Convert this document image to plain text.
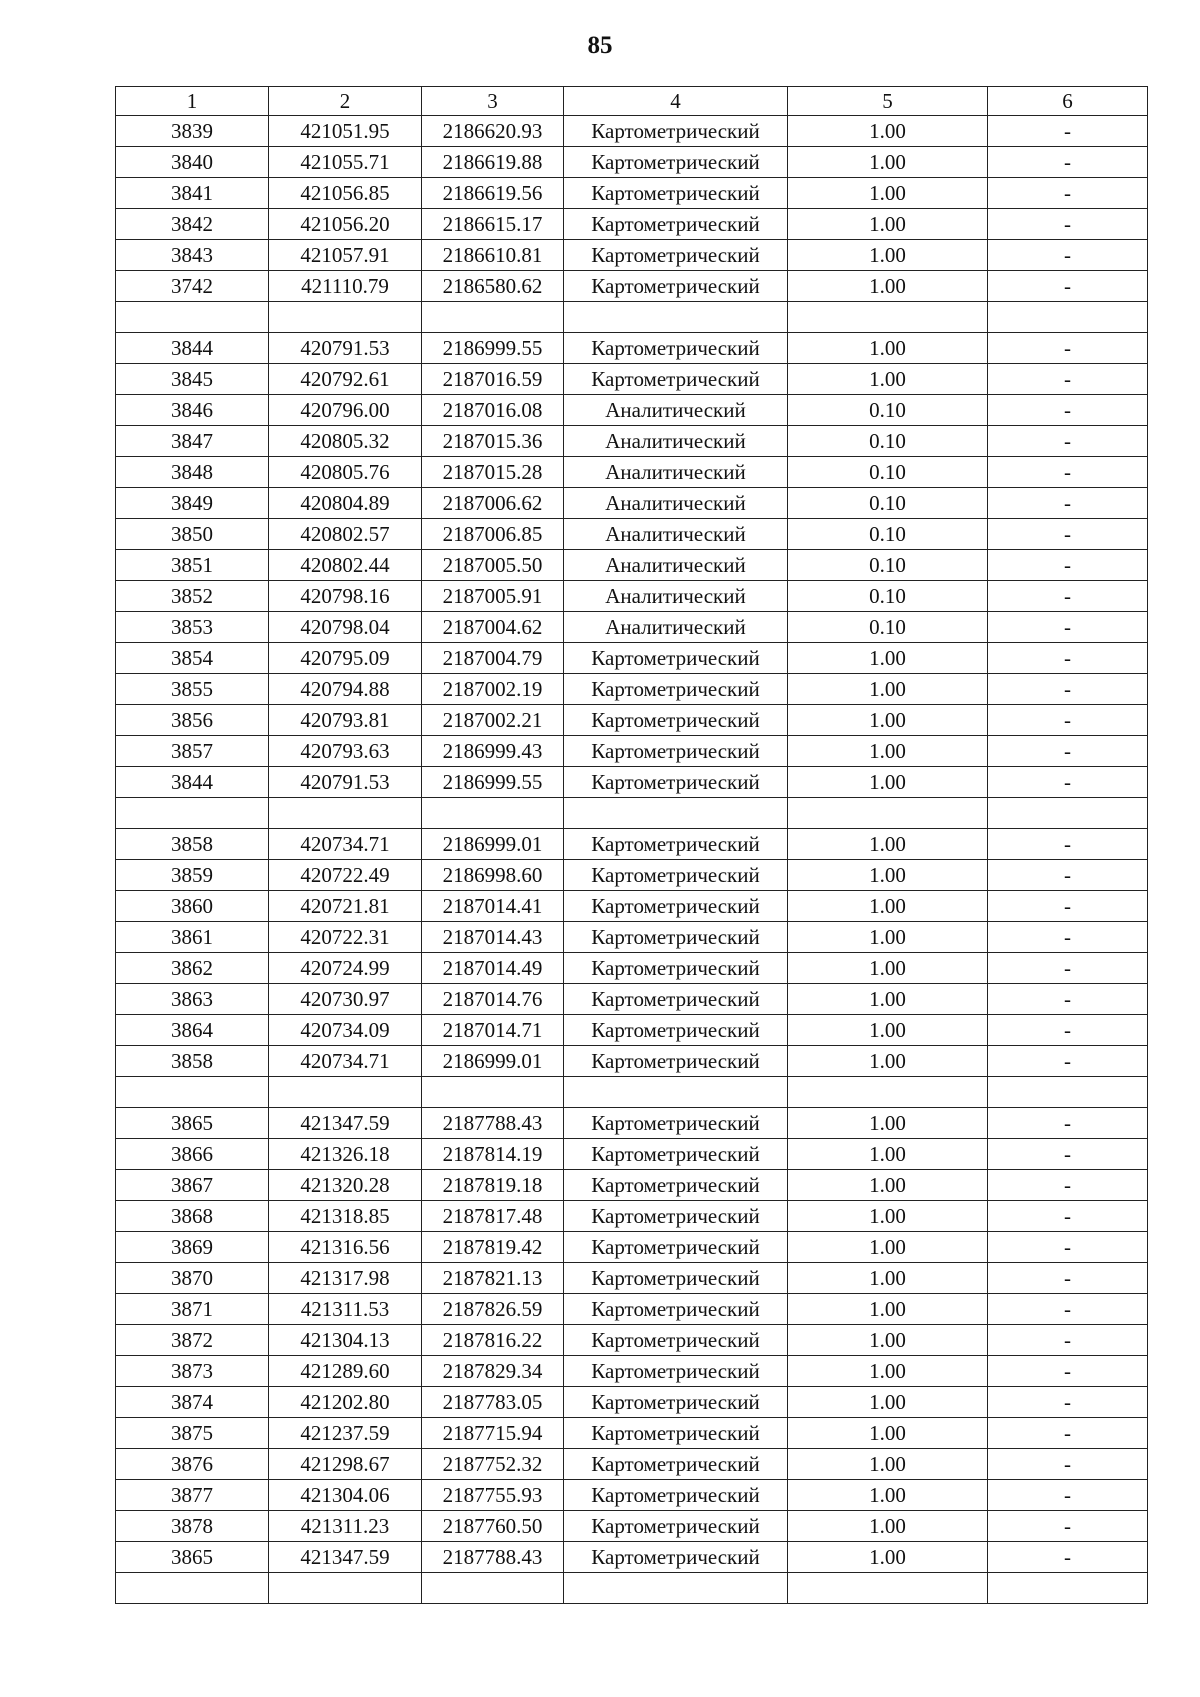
85
1	2	3	4	5	6
3839	421051.95	2186620.93	Картометрический	1.00	-
3840	421055.71	2186619.88	Картометрический	1.00	-
3841	421056.85	2186619.56	Картометрический	1.00	-
3842	421056.20	2186615.17	Картометрический	1.00	-
3843	421057.91	2186610.81	Картометрический	1.00	-
3742	421110.79	2186580.62	Картометрический	1.00	-

3844	420791.53	2186999.55	Картометрический	1.00	-
3845	420792.61	2187016.59	Картометрический	1.00	-
3846	420796.00	2187016.08	Аналитический	0.10	-
3847	420805.32	2187015.36	Аналитический	0.10	-
3848	420805.76	2187015.28	Аналитический	0.10	-
3849	420804.89	2187006.62	Аналитический	0.10	-
3850	420802.57	2187006.85	Аналитический	0.10	-
3851	420802.44	2187005.50	Аналитический	0.10	-
3852	420798.16	2187005.91	Аналитический	0.10	-
3853	420798.04	2187004.62	Аналитический	0.10	-
3854	420795.09	2187004.79	Картометрический	1.00	-
3855	420794.88	2187002.19	Картометрический	1.00	-
3856	420793.81	2187002.21	Картометрический	1.00	-
3857	420793.63	2186999.43	Картометрический	1.00	-
3844	420791.53	2186999.55	Картометрический	1.00	-

3858	420734.71	2186999.01	Картометрический	1.00	-
3859	420722.49	2186998.60	Картометрический	1.00	-
3860	420721.81	2187014.41	Картометрический	1.00	-
3861	420722.31	2187014.43	Картометрический	1.00	-
3862	420724.99	2187014.49	Картометрический	1.00	-
3863	420730.97	2187014.76	Картометрический	1.00	-
3864	420734.09	2187014.71	Картометрический	1.00	-
3858	420734.71	2186999.01	Картометрический	1.00	-

3865	421347.59	2187788.43	Картометрический	1.00	-
3866	421326.18	2187814.19	Картометрический	1.00	-
3867	421320.28	2187819.18	Картометрический	1.00	-
3868	421318.85	2187817.48	Картометрический	1.00	-
3869	421316.56	2187819.42	Картометрический	1.00	-
3870	421317.98	2187821.13	Картометрический	1.00	-
3871	421311.53	2187826.59	Картометрический	1.00	-
3872	421304.13	2187816.22	Картометрический	1.00	-
3873	421289.60	2187829.34	Картометрический	1.00	-
3874	421202.80	2187783.05	Картометрический	1.00	-
3875	421237.59	2187715.94	Картометрический	1.00	-
3876	421298.67	2187752.32	Картометрический	1.00	-
3877	421304.06	2187755.93	Картометрический	1.00	-
3878	421311.23	2187760.50	Картометрический	1.00	-
3865	421347.59	2187788.43	Картометрический	1.00	-
